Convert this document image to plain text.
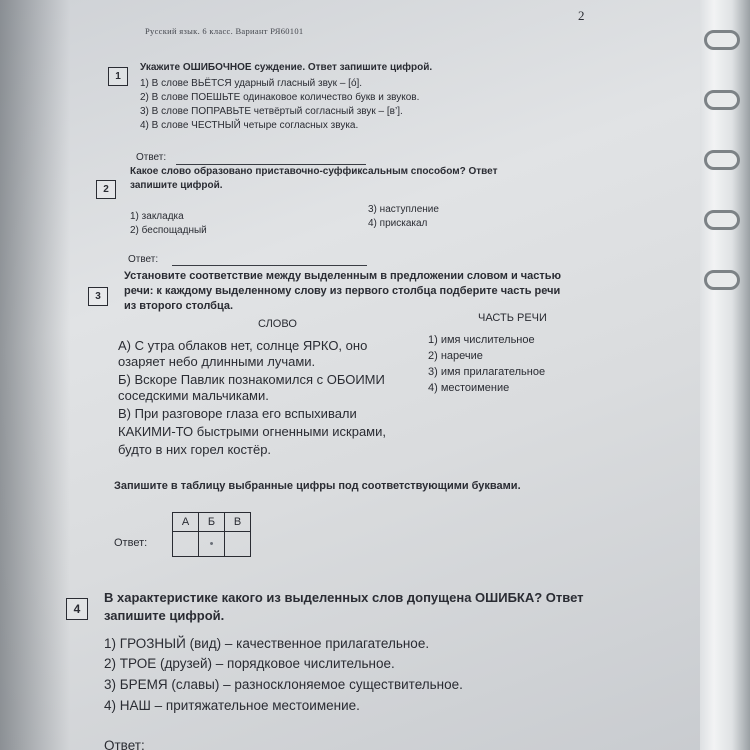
2
Русский язык. 6 класс. Вариант РЯ60101
1
Укажите ОШИБОЧНОЕ суждение. Ответ запишите цифрой.
1) В слове ВЬЁТСЯ ударный гласный звук – [ó].
2) В слове ПОЕШЬТЕ одинаковое количество букв и звуков.
3) В слове ПОПРАВЬТЕ четвёртый согласный звук – [в’].
4) В слове ЧЕСТНЫЙ четыре согласных звука.
Ответ:
2
Какое слово образовано приставочно-суффиксальным способом? Ответ
запишите цифрой.
1) закладка
2) беспощадный
3) наступление
4) прискакал
Ответ:
3
Установите соответствие между выделенным в предложении словом и частью
речи: к каждому выделенному слову из первого столбца подберите часть речи
из второго столбца.
СЛОВО	ЧАСТЬ РЕЧИ
А) С утра облаков нет, солнце ЯРКО, оно
озаряет небо длинными лучами.
Б) Вскоре Павлик познакомился с ОБОИМИ
соседскими мальчиками.
В) При разговоре глаза его вспыхивали
КАКИМИ-ТО быстрыми огненными искрами,
будто в них горел костёр.
1) имя числительное
2) наречие
3) имя прилагательное
4) местоимение
Запишите в таблицу выбранные цифры под соответствующими буквами.
Ответ:
А	Б	В
	•	
4
В характеристике какого из выделенных слов допущена ОШИБКА? Ответ
запишите цифрой.
1) ГРОЗНЫЙ (вид) – качественное прилагательное.
2) ТРОЕ (друзей) – порядковое числительное.
3) БРЕМЯ (славы) – разносклоняемое существительное.
4) НАШ – притяжательное местоимение.
Ответ:
